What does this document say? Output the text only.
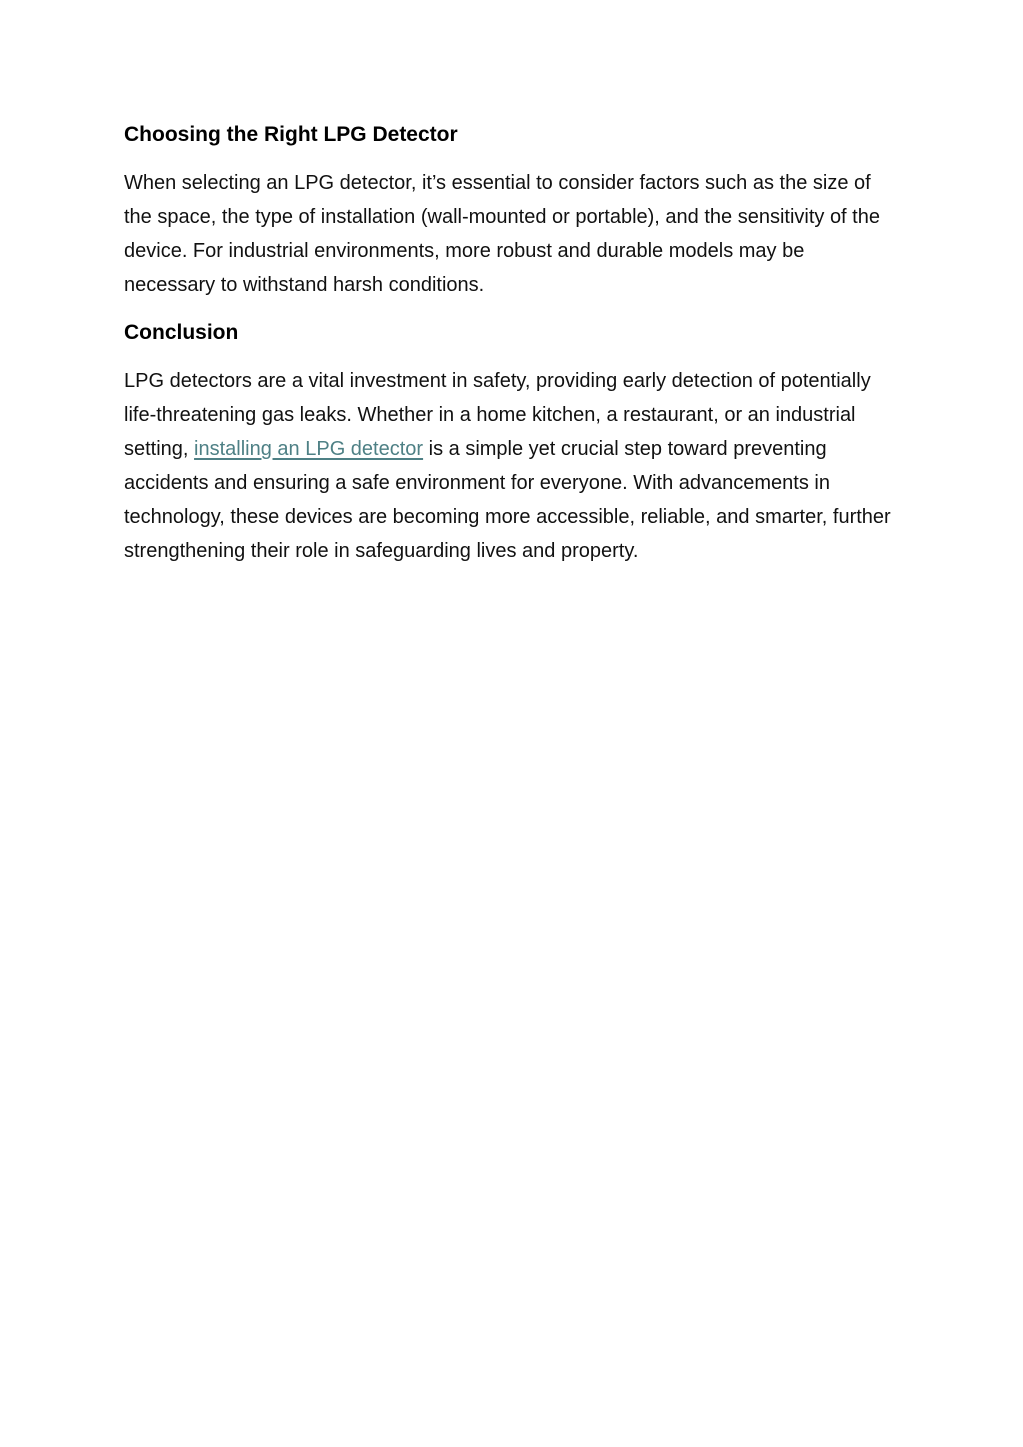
Choosing the Right LPG Detector

When selecting an LPG detector, it’s essential to consider factors such as the size of the space, the type of installation (wall-mounted or portable), and the sensitivity of the device. For industrial environments, more robust and durable models may be necessary to withstand harsh conditions.

Conclusion

LPG detectors are a vital investment in safety, providing early detection of potentially life-threatening gas leaks. Whether in a home kitchen, a restaurant, or an industrial setting, installing an LPG detector is a simple yet crucial step toward preventing accidents and ensuring a safe environment for everyone. With advancements in technology, these devices are becoming more accessible, reliable, and smarter, further strengthening their role in safeguarding lives and property.
